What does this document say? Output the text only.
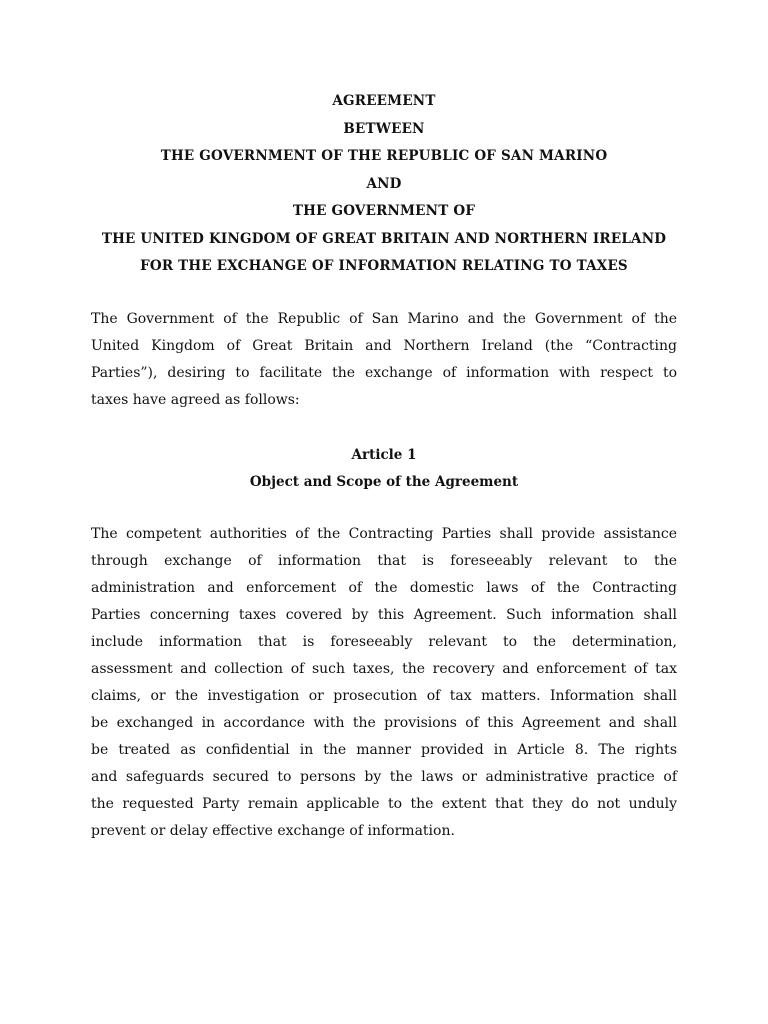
AGREEMENT
BETWEEN
THE GOVERNMENT OF THE REPUBLIC OF SAN MARINO
AND
THE GOVERNMENT OF
THE UNITED KINGDOM OF GREAT BRITAIN AND NORTHERN IRELAND
FOR THE EXCHANGE OF INFORMATION RELATING TO TAXES

The Government of the Republic of San Marino and the Government of the
United Kingdom of Great Britain and Northern Ireland (the “Contracting
Parties”), desiring to facilitate the exchange of information with respect to
taxes have agreed as follows:

Article 1
Object and Scope of the Agreement

The competent authorities of the Contracting Parties shall provide assistance
through exchange of information that is foreseeably relevant to the
administration and enforcement of the domestic laws of the Contracting
Parties concerning taxes covered by this Agreement. Such information shall
include information that is foreseeably relevant to the determination,
assessment and collection of such taxes, the recovery and enforcement of tax
claims, or the investigation or prosecution of tax matters. Information shall
be exchanged in accordance with the provisions of this Agreement and shall
be treated as confidential in the manner provided in Article 8. The rights
and safeguards secured to persons by the laws or administrative practice of
the requested Party remain applicable to the extent that they do not unduly
prevent or delay effective exchange of information.
